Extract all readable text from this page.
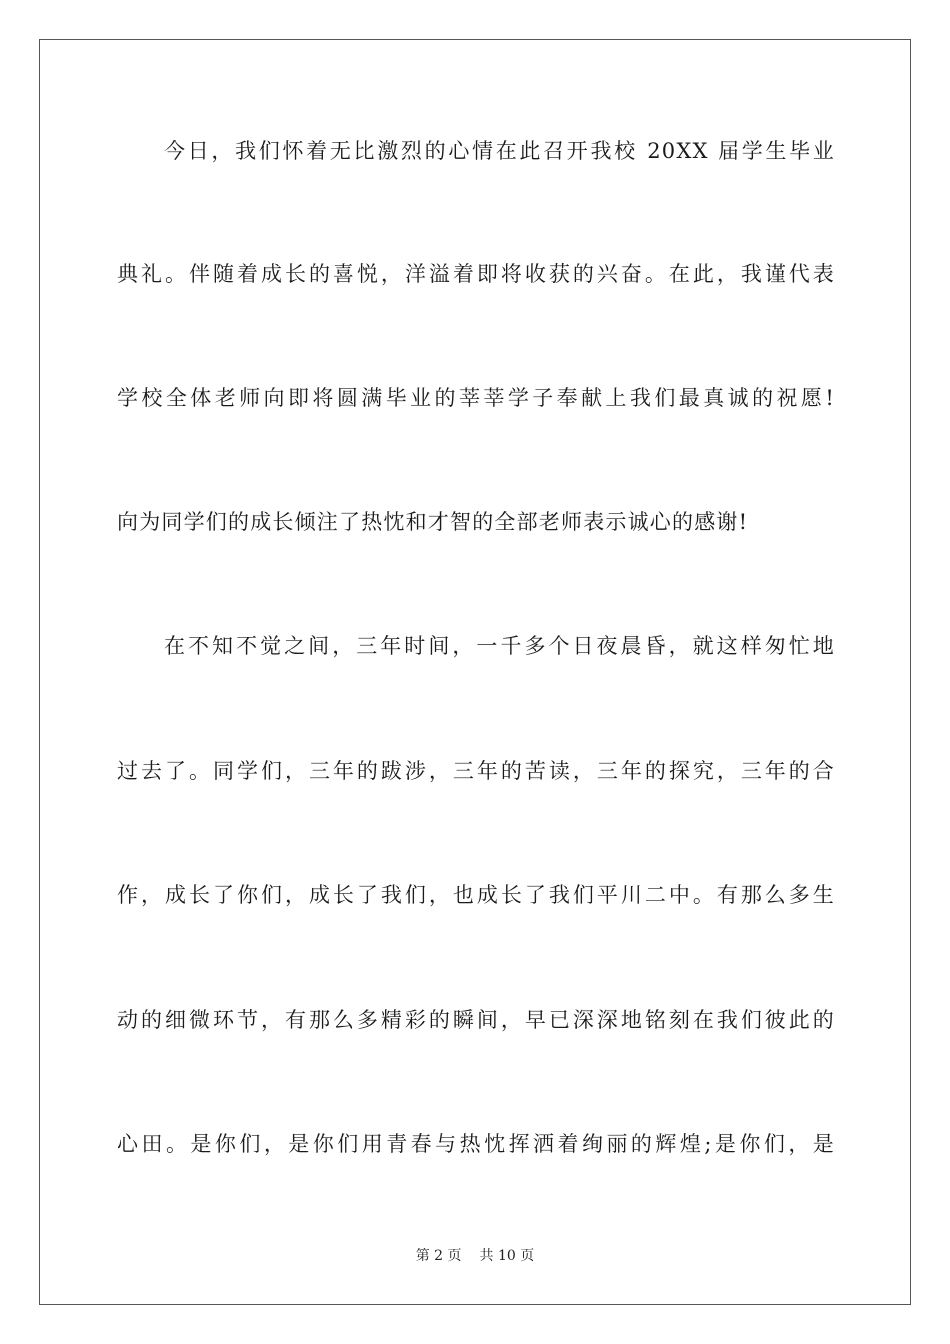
今日，我们怀着无比激烈的心情在此召开我校 20XX 届学生毕业
典礼。伴随着成长的喜悦，洋溢着即将收获的兴奋。在此，我谨代表
学校全体老师向即将圆满毕业的莘莘学子奉献上我们最真诚的祝愿!
向为同学们的成长倾注了热忱和才智的全部老师表示诚心的感谢!
在不知不觉之间，三年时间，一千多个日夜晨昏，就这样匆忙地
过去了。同学们，三年的跋涉，三年的苦读，三年的探究，三年的合
作，成长了你们，成长了我们，也成长了我们平川二中。有那么多生
动的细微环节，有那么多精彩的瞬间，早已深深地铭刻在我们彼此的
心田。是你们，是你们用青春与热忱挥洒着绚丽的辉煌;是你们，是
第 2 页 共 10 页
